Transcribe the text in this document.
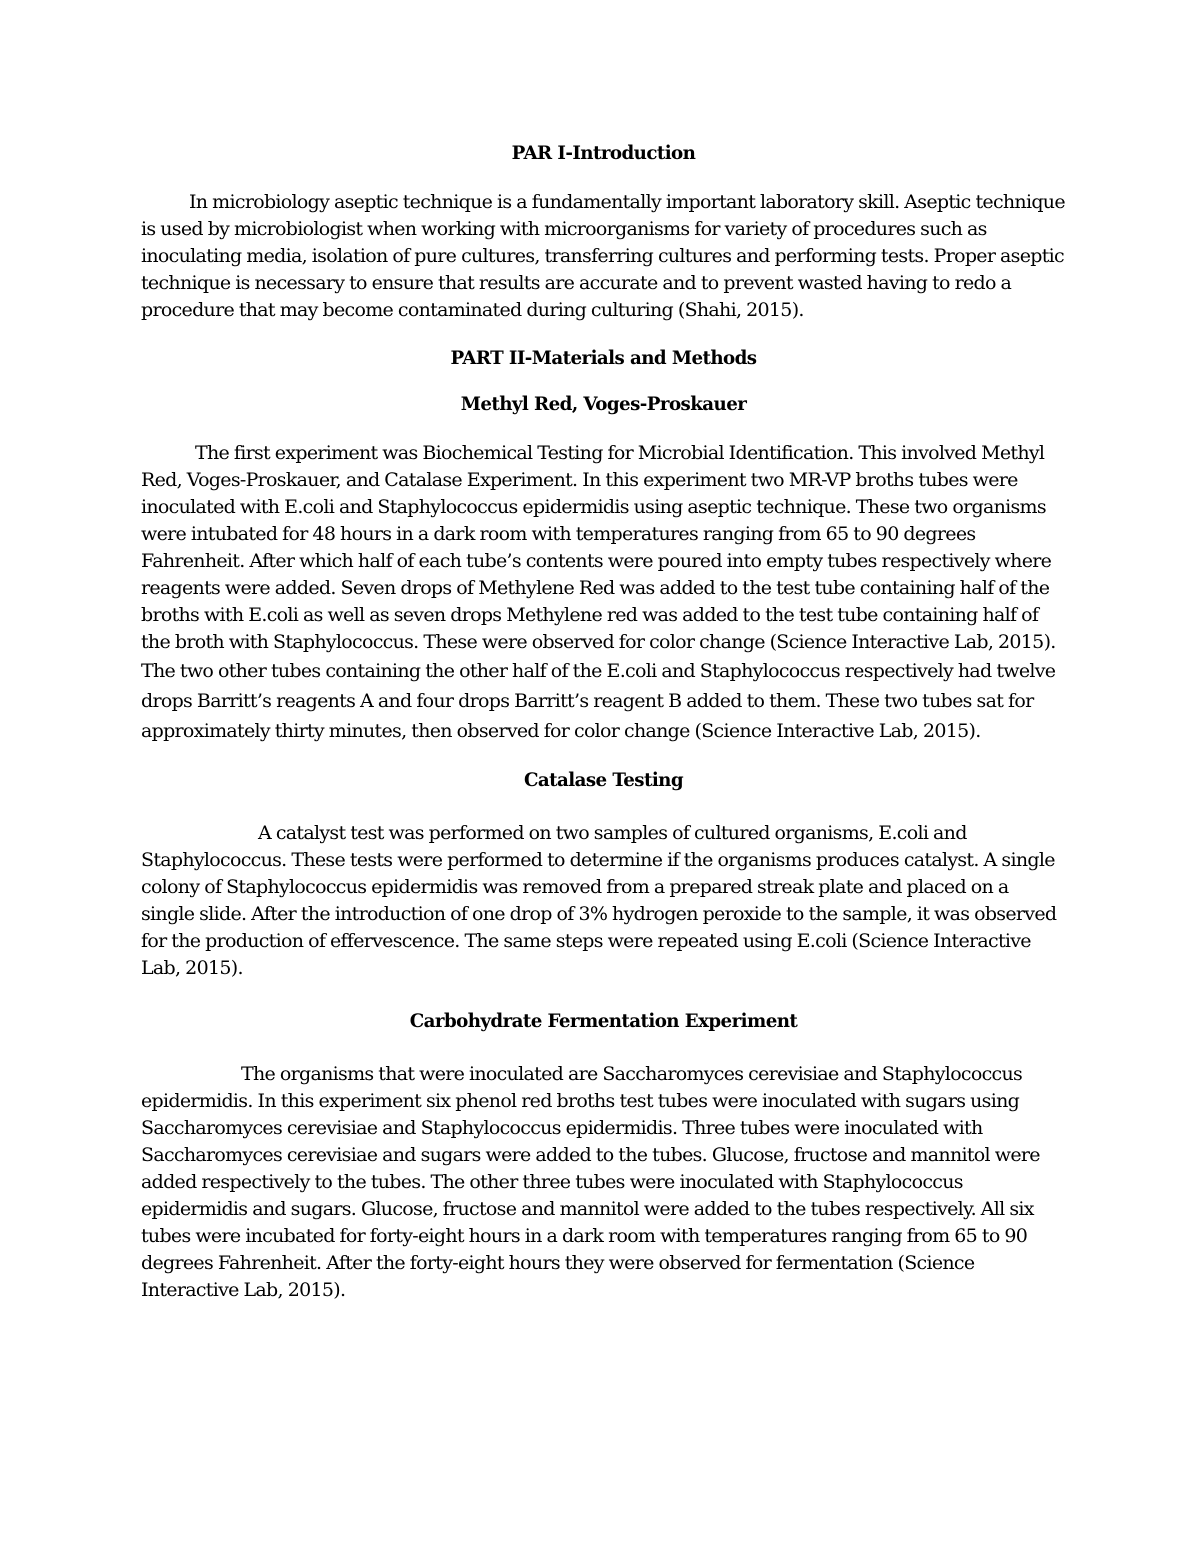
PAR I-Introduction

In microbiology aseptic technique is a fundamentally important laboratory skill. Aseptic technique is used by microbiologist when working with microorganisms for variety of procedures such as inoculating media, isolation of pure cultures, transferring cultures and performing tests. Proper aseptic technique is necessary to ensure that results are accurate and to prevent wasted having to redo a procedure that may become contaminated during culturing (Shahi, 2015).

PART II-Materials and Methods
Methyl Red, Voges-Proskauer

The first experiment was Biochemical Testing for Microbial Identification. This involved Methyl Red, Voges-Proskauer, and Catalase Experiment. In this experiment two MR-VP broths tubes were inoculated with E.coli and Staphylococcus epidermidis using aseptic technique. These two organisms were intubated for 48 hours in a dark room with temperatures ranging from 65 to 90 degrees Fahrenheit. After which half of each tube’s contents were poured into empty tubes respectively where reagents were added. Seven drops of Methylene Red was added to the test tube containing half of the broths with E.coli as well as seven drops Methylene red was added to the test tube containing half of the broth with Staphylococcus. These were observed for color change (Science Interactive Lab, 2015).

The two other tubes containing the other half of the E.coli and Staphylococcus respectively had twelve drops Barritt’s reagents A and four drops Barritt’s reagent B added to them. These two tubes sat for approximately thirty minutes, then observed for color change (Science Interactive Lab, 2015).

Catalase Testing

A catalyst test was performed on two samples of cultured organisms, E.coli and Staphylococcus. These tests were performed to determine if the organisms produces catalyst. A single colony of Staphylococcus epidermidis was removed from a prepared streak plate and placed on a single slide. After the introduction of one drop of 3% hydrogen peroxide to the sample, it was observed for the production of effervescence. The same steps were repeated using E.coli (Science Interactive Lab, 2015).

Carbohydrate Fermentation Experiment

The organisms that were inoculated are Saccharomyces cerevisiae and Staphylococcus epidermidis. In this experiment six phenol red broths test tubes were inoculated with sugars using Saccharomyces cerevisiae and Staphylococcus epidermidis. Three tubes were inoculated with Saccharomyces cerevisiae and sugars were added to the tubes. Glucose, fructose and mannitol were added respectively to the tubes. The other three tubes were inoculated with Staphylococcus epidermidis and sugars. Glucose, fructose and mannitol were added to the tubes respectively. All six tubes were incubated for forty-eight hours in a dark room with temperatures ranging from 65 to 90 degrees Fahrenheit. After the forty-eight hours they were observed for fermentation (Science Interactive Lab, 2015).
